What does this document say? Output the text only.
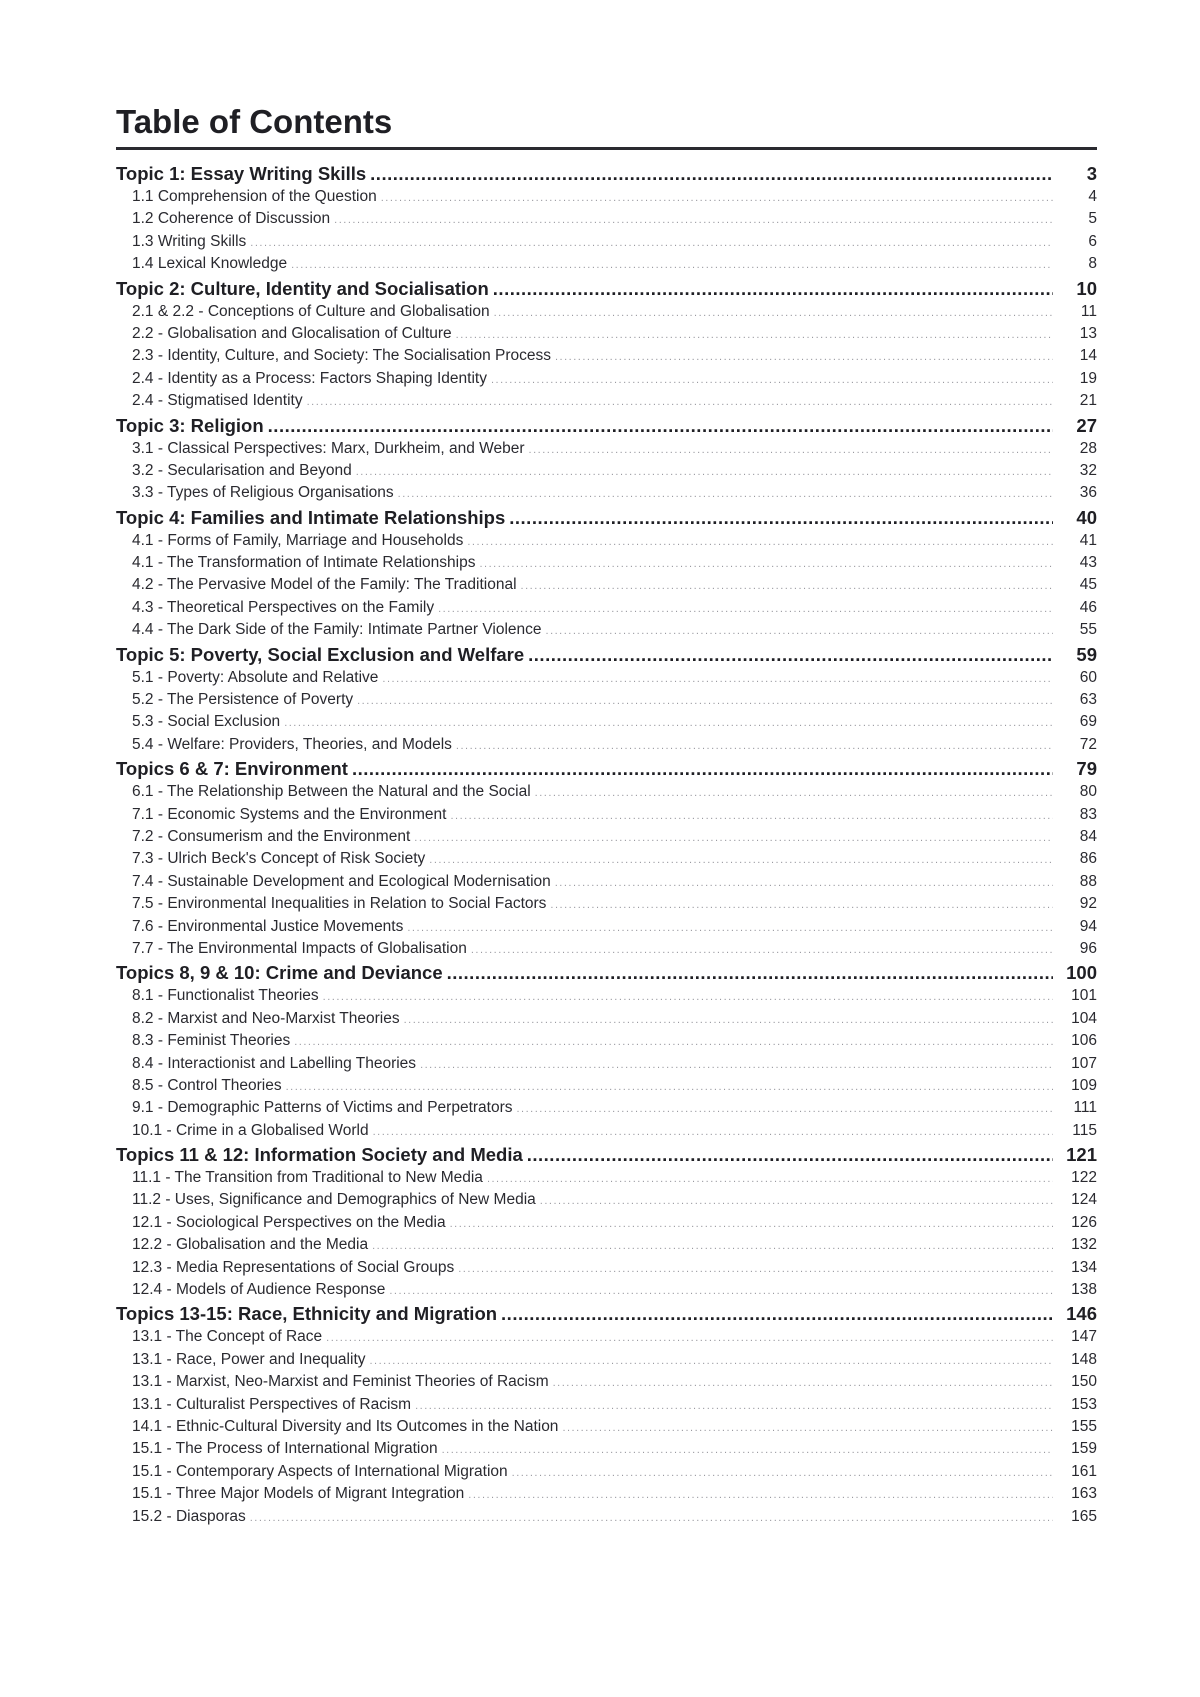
Table of Contents
Topic 1: Essay Writing Skills .....	3
1.1 Comprehension of the Question .....	4
1.2 Coherence of Discussion .....	5
1.3 Writing Skills .....	6
1.4 Lexical Knowledge .....	8
Topic 2: Culture, Identity and Socialisation .....	10
2.1 & 2.2 - Conceptions of Culture and Globalisation .....	11
2.2 - Globalisation and Glocalisation of Culture .....	13
2.3 - Identity, Culture, and Society: The Socialisation Process .....	14
2.4 - Identity as a Process: Factors Shaping Identity .....	19
2.4 - Stigmatised Identity .....	21
Topic 3: Religion .....	27
3.1 - Classical Perspectives: Marx, Durkheim, and Weber .....	28
3.2 - Secularisation and Beyond .....	32
3.3 - Types of Religious Organisations .....	36
Topic 4: Families and Intimate Relationships .....	40
4.1 - Forms of Family, Marriage and Households .....	41
4.1 - The Transformation of Intimate Relationships .....	43
4.2 - The Pervasive Model of the Family: The Traditional .....	45
4.3 - Theoretical Perspectives on the Family .....	46
4.4 - The Dark Side of the Family: Intimate Partner Violence .....	55
Topic 5: Poverty, Social Exclusion and Welfare .....	59
5.1 - Poverty: Absolute and Relative .....	60
5.2 - The Persistence of Poverty .....	63
5.3 - Social Exclusion .....	69
5.4 - Welfare: Providers, Theories, and Models .....	72
Topics 6 & 7: Environment .....	79
6.1 - The Relationship Between the Natural and the Social .....	80
7.1 - Economic Systems and the Environment .....	83
7.2 - Consumerism and the Environment .....	84
7.3 - Ulrich Beck's Concept of Risk Society .....	86
7.4 - Sustainable Development and Ecological Modernisation .....	88
7.5 - Environmental Inequalities in Relation to Social Factors .....	92
7.6 - Environmental Justice Movements .....	94
7.7 - The Environmental Impacts of Globalisation .....	96
Topics 8, 9 & 10: Crime and Deviance .....	100
8.1 - Functionalist Theories .....	101
8.2 - Marxist and Neo-Marxist Theories .....	104
8.3 - Feminist Theories .....	106
8.4 - Interactionist and Labelling Theories .....	107
8.5 - Control Theories .....	109
9.1 - Demographic Patterns of Victims and Perpetrators .....	111
10.1 - Crime in a Globalised World .....	115
Topics 11 & 12: Information Society and Media .....	121
11.1 - The Transition from Traditional to New Media .....	122
11.2 - Uses, Significance and Demographics of New Media .....	124
12.1 - Sociological Perspectives on the Media .....	126
12.2 - Globalisation and the Media .....	132
12.3 - Media Representations of Social Groups .....	134
12.4 - Models of Audience Response .....	138
Topics 13-15: Race, Ethnicity and Migration .....	146
13.1 - The Concept of Race .....	147
13.1 - Race, Power and Inequality .....	148
13.1 - Marxist, Neo-Marxist and Feminist Theories of Racism .....	150
13.1 - Culturalist Perspectives of Racism .....	153
14.1 - Ethnic-Cultural Diversity and Its Outcomes in the Nation .....	155
15.1 - The Process of International Migration .....	159
15.1 - Contemporary Aspects of International Migration .....	161
15.1 - Three Major Models of Migrant Integration .....	163
15.2 - Diasporas .....	165
